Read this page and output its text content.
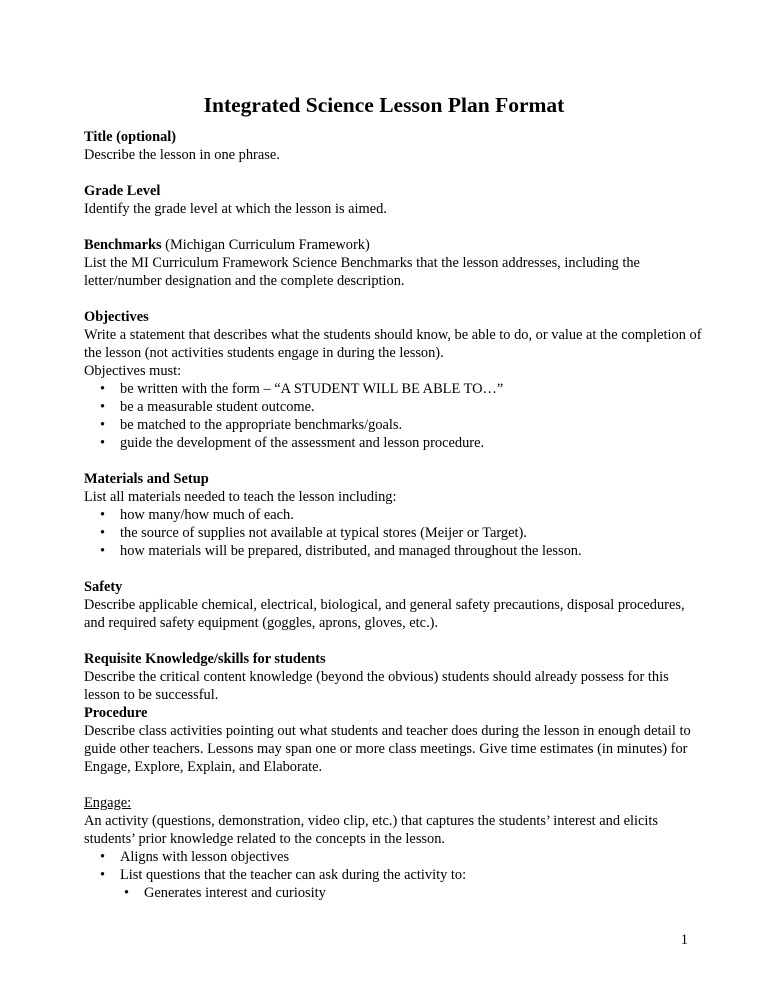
Integrated Science Lesson Plan Format
Title (optional)

Describe the lesson in one phrase.

Grade Level

Identify the grade level at which the lesson is aimed.

Benchmarks (Michigan Curriculum Framework)

List the MI Curriculum Framework Science Benchmarks that the lesson addresses, including the letter/number designation and the complete description.

Objectives

Write a statement that describes what the students should know, be able to do, or value at the completion of the lesson (not activities students engage in during the lesson).

Objectives must:

• be written with the form – “A STUDENT WILL BE ABLE TO…”
• be a measurable student outcome.
• be matched to the appropriate benchmarks/goals.
• guide the development of the assessment and lesson procedure.
Materials and Setup

List all materials needed to teach the lesson including:

• how many/how much of each.
• the source of supplies not available at typical stores (Meijer or Target).
• how materials will be prepared, distributed, and managed throughout the lesson.
Safety

Describe applicable chemical, electrical, biological, and general safety precautions, disposal procedures, and required safety equipment (goggles, aprons, gloves, etc.).

Requisite Knowledge/skills for students

Describe the critical content knowledge (beyond the obvious) students should already possess for this lesson to be successful.

Procedure

Describe class activities pointing out what students and teacher does during the lesson in enough detail to guide other teachers. Lessons may span one or more class meetings. Give time estimates (in minutes) for Engage, Explore, Explain, and Elaborate.

Engage:

An activity (questions, demonstration, video clip, etc.) that captures the students’ interest and elicits students’ prior knowledge related to the concepts in the lesson.

• Aligns with lesson objectives
• List questions that the teacher can ask during the activity to:
• Generates interest and curiosity
1
